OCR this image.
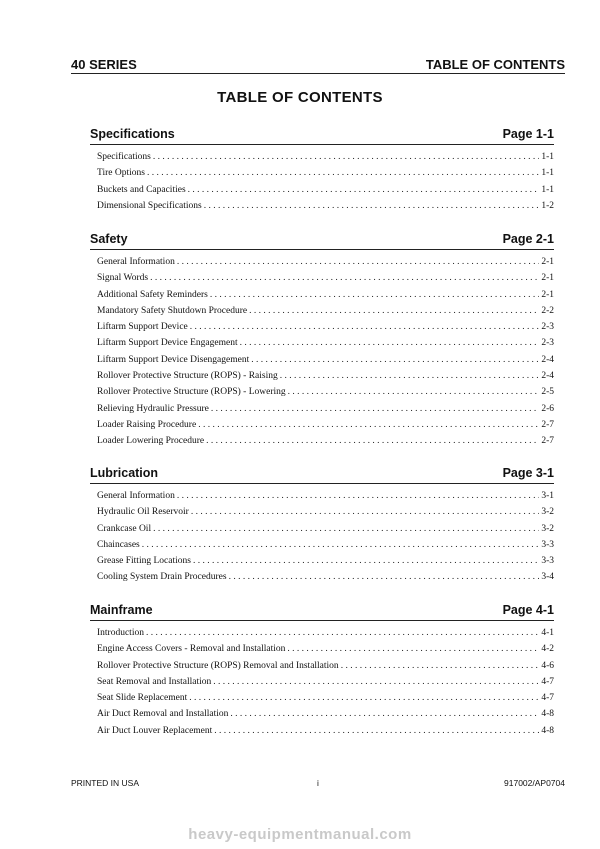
40 SERIES	TABLE OF CONTENTS
TABLE OF CONTENTS
Specifications	Page 1-1
Specifications . . .	1-1
Tire Options . . .	1-1
Buckets and Capacities . . .	1-1
Dimensional Specifications . . .	1-2
Safety	Page 2-1
General Information . . .	2-1
Signal Words . . .	2-1
Additional Safety Reminders . . .	2-1
Mandatory Safety Shutdown Procedure . . .	2-2
Liftarm Support Device . . .	2-3
Liftarm Support Device Engagement . . .	2-3
Liftarm Support Device Disengagement . . .	2-4
Rollover Protective Structure (ROPS) - Raising . . .	2-4
Rollover Protective Structure (ROPS) - Lowering . . .	2-5
Relieving Hydraulic Pressure . . .	2-6
Loader Raising Procedure . . .	2-7
Loader Lowering Procedure . . .	2-7
Lubrication	Page 3-1
General Information . . .	3-1
Hydraulic Oil Reservoir . . .	3-2
Crankcase Oil . . .	3-2
Chaincases . . .	3-3
Grease Fitting Locations . . .	3-3
Cooling System Drain Procedures . . .	3-4
Mainframe	Page 4-1
Introduction . . .	4-1
Engine Access Covers - Removal and Installation . . .	4-2
Rollover Protective Structure (ROPS) Removal and Installation . . .	4-6
Seat Removal and Installation . . .	4-7
Seat Slide Replacement . . .	4-7
Air Duct Removal and Installation . . .	4-8
Air Duct Louver Replacement . . .	4-8
PRINTED IN USA	i	917002/AP0704
heavy-equipmentmanual.com
